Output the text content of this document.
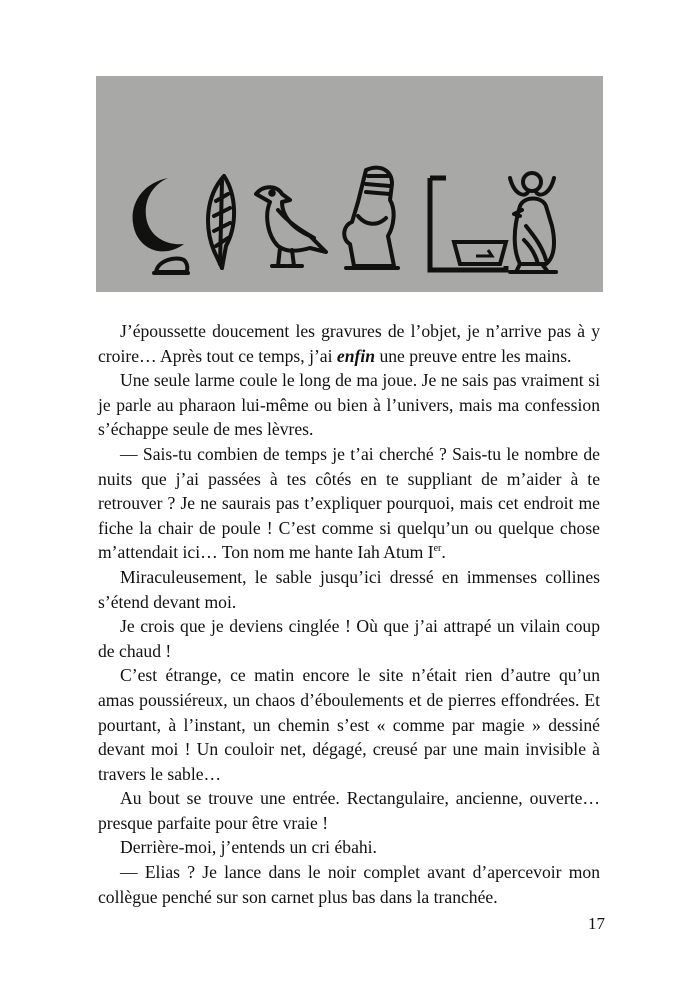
J’époussette doucement les gravures de l’objet, je n’arrive pas à y croire… Après tout ce temps, j’ai enfin une preuve entre les mains.

Une seule larme coule le long de ma joue. Je ne sais pas vraiment si je parle au pharaon lui-même ou bien à l’univers, mais ma confession s’échappe seule de mes lèvres.

— Sais-tu combien de temps je t’ai cherché ? Sais-tu le nombre de nuits que j’ai passées à tes côtés en te suppliant de m’aider à te retrouver ? Je ne saurais pas t’expliquer pourquoi, mais cet endroit me fiche la chair de poule ! C’est comme si quelqu’un ou quelque chose m’attendait ici… Ton nom me hante Iah Atum Ier.

Miraculeusement, le sable jusqu’ici dressé en immenses collines s’étend devant moi.

Je crois que je deviens cinglée ! Où que j’ai attrapé un vilain coup de chaud !

C’est étrange, ce matin encore le site n’était rien d’autre qu’un amas poussiéreux, un chaos d’éboulements et de pierres effondrées. Et pourtant, à l’instant, un chemin s’est « comme par magie » dessiné devant moi ! Un couloir net, dégagé, creusé par une main invisible à travers le sable…

Au bout se trouve une entrée. Rectangulaire, ancienne, ouverte… presque parfaite pour être vraie !

Derrière-moi, j’entends un cri ébahi.

— Elias ? Je lance dans le noir complet avant d’apercevoir mon collègue penché sur son carnet plus bas dans la tranchée.

17
